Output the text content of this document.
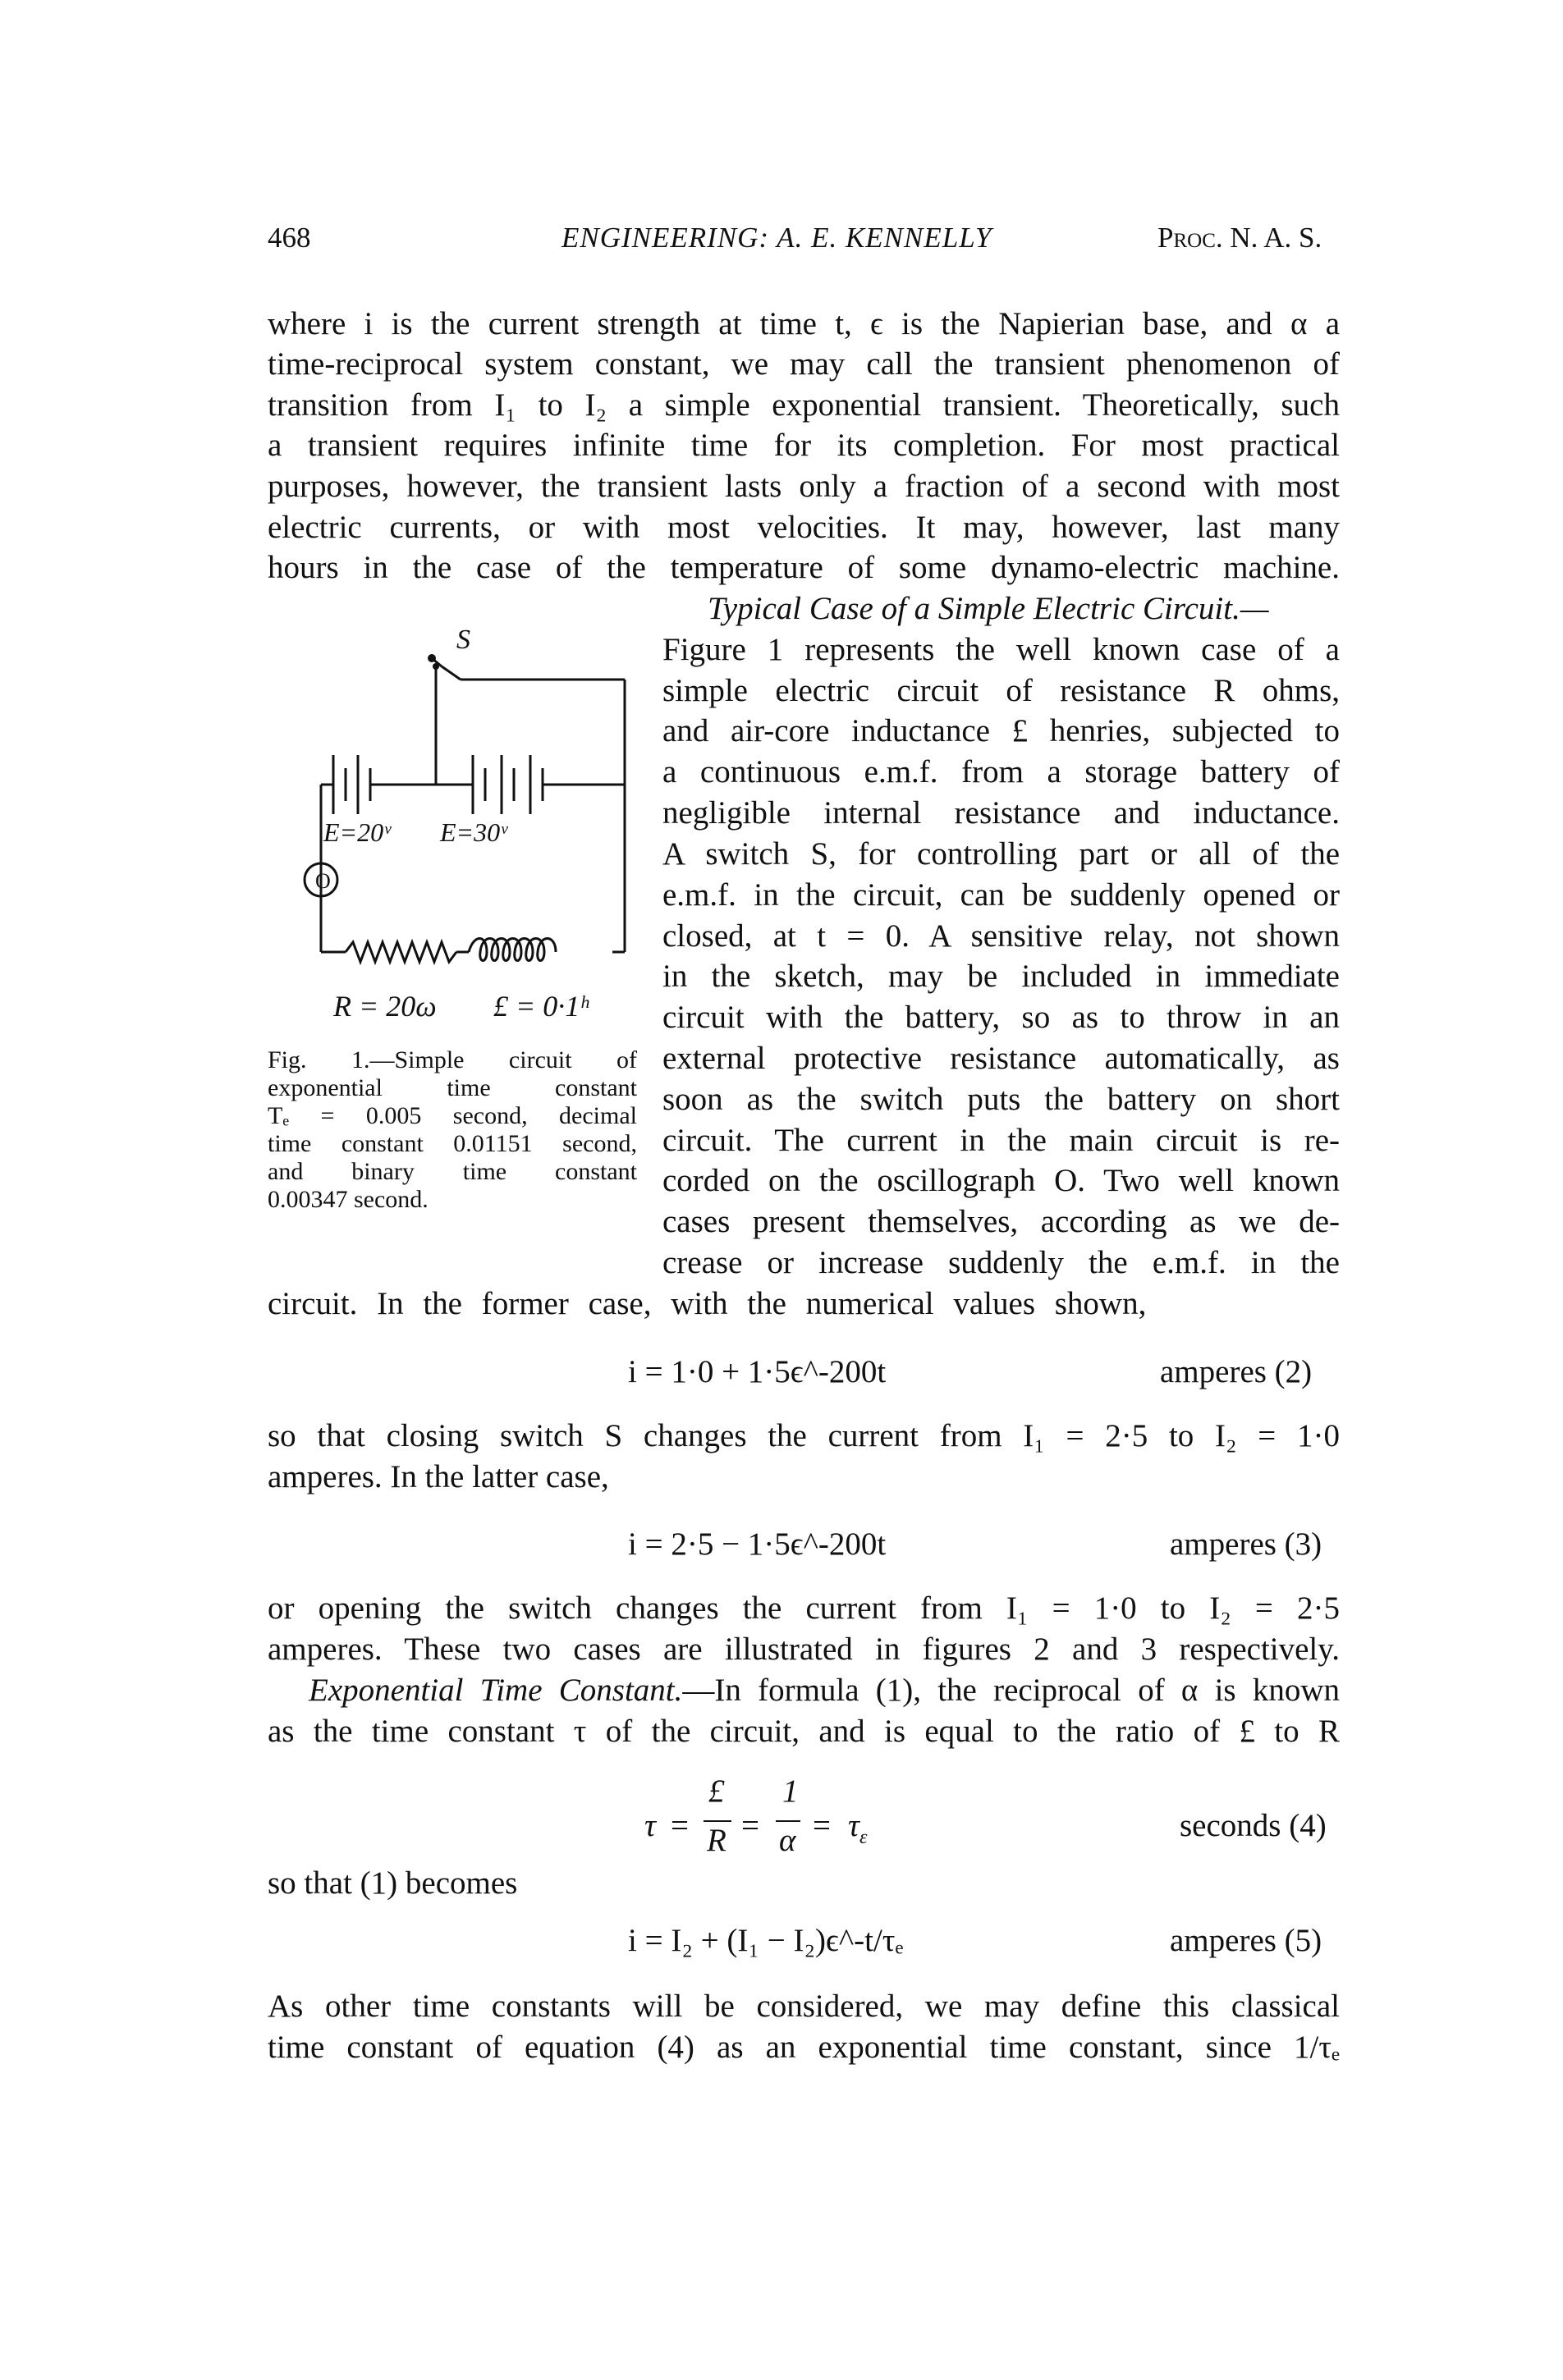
468	ENGINEERING: A. E. KENNELLY	Proc. N. A. S.
where i is the current strength at time t, ϵ is the Napierian base, and α a
time-reciprocal system constant, we may call the transient phenomenon of
transition from I₁ to I₂ a simple exponential transient. Theoretically, such
a transient requires infinite time for its completion. For most practical
purposes, however, the transient lasts only a fraction of a second with most
electric currents, or with most velocities. It may, however, last many
hours in the case of the temperature of some dynamo-electric machine.
Typical Case of a Simple Electric Circuit.—
Figure 1 represents the well known case of a
simple electric circuit of resistance R ohms,
and air-core inductance £ henries, subjected to
a continuous e.m.f. from a storage battery of
negligible internal resistance and inductance.
A switch S, for controlling part or all of the
e.m.f. in the circuit, can be suddenly opened or
closed, at t = 0. A sensitive relay, not shown
in the sketch, may be included in immediate
circuit with the battery, so as to throw in an
external protective resistance automatically, as
soon as the switch puts the battery on short
circuit. The current in the main circuit is re-
corded on the oscillograph O. Two well known
cases present themselves, according as we de-
crease or increase suddenly the e.m.f. in the
S
E=20ᵛ E=30ᵛ
O
R = 20ω £ = 0·1ʰ
Fig. 1.—Simple circuit of
exponential time constant
Tₑ = 0.005 second, decimal
time constant 0.01151 second,
and binary time constant
0.00347 second.
circuit. In the former case, with the numerical values shown,
i = 1·0 + 1·5ϵ^-200t	amperes (2)
so that closing switch S changes the current from I₁ = 2·5 to I₂ = 1·0
amperes. In the latter case,
i = 2·5 − 1·5ϵ^-200t	amperes (3)
or opening the switch changes the current from I₁ = 1·0 to I₂ = 2·5
amperes. These two cases are illustrated in figures 2 and 3 respectively.
Exponential Time Constant.—In formula (1), the reciprocal of α is known
as the time constant τ of the circuit, and is equal to the ratio of £ to R
τ =
£
R =
1
$\alpha = \tau_\varepsilon$	seconds (4)
so that (1) becomes
i = I₂ + (I₁ − I₂)ϵ^-t/τₑ	amperes (5)
As other time constants will be considered, we may define this classical
time constant of equation (4) as an exponential time constant, since 1/τₑ
